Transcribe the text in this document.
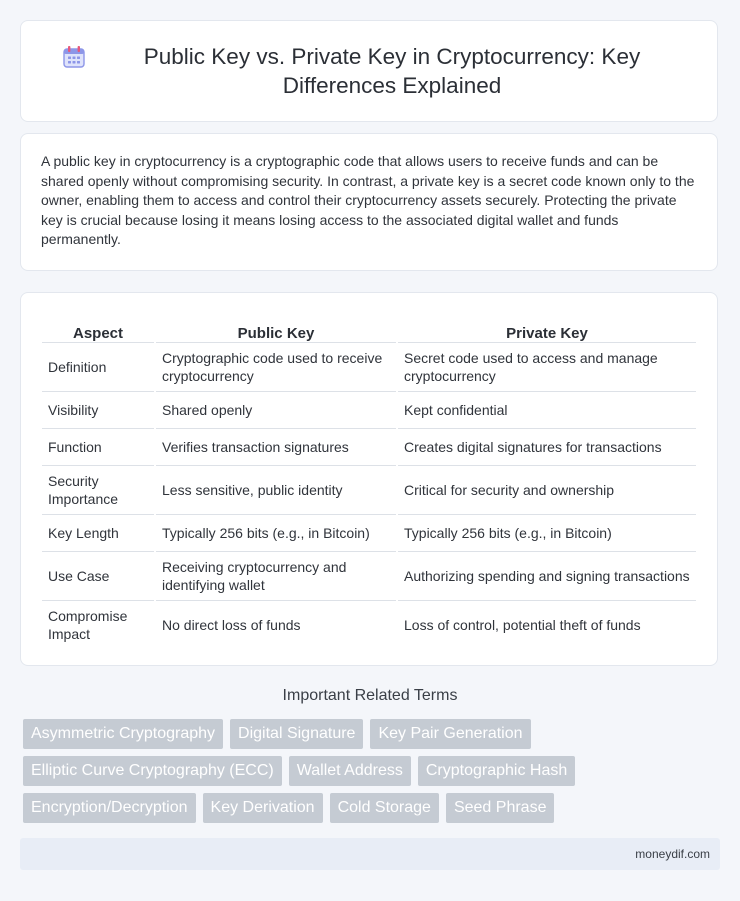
Public Key vs. Private Key in Cryptocurrency: Key Differences Explained

A public key in cryptocurrency is a cryptographic code that allows users to receive funds and can be shared openly without compromising security. In contrast, a private key is a secret code known only to the owner, enabling them to access and control their cryptocurrency assets securely. Protecting the private key is crucial because losing it means losing access to the associated digital wallet and funds permanently.

Aspect	Public Key	Private Key
Definition	Cryptographic code used to receive cryptocurrency	Secret code used to access and manage cryptocurrency
Visibility	Shared openly	Kept confidential
Function	Verifies transaction signatures	Creates digital signatures for transactions
Security Importance	Less sensitive, public identity	Critical for security and ownership
Key Length	Typically 256 bits (e.g., in Bitcoin)	Typically 256 bits (e.g., in Bitcoin)
Use Case	Receiving cryptocurrency and identifying wallet	Authorizing spending and signing transactions
Compromise Impact	No direct loss of funds	Loss of control, potential theft of funds
Important Related Terms
Asymmetric Cryptography	Digital Signature	Key Pair Generation
Elliptic Curve Cryptography (ECC)	Wallet Address	Cryptographic Hash
Encryption/Decryption	Key Derivation	Cold Storage	Seed Phrase
moneydif.com
